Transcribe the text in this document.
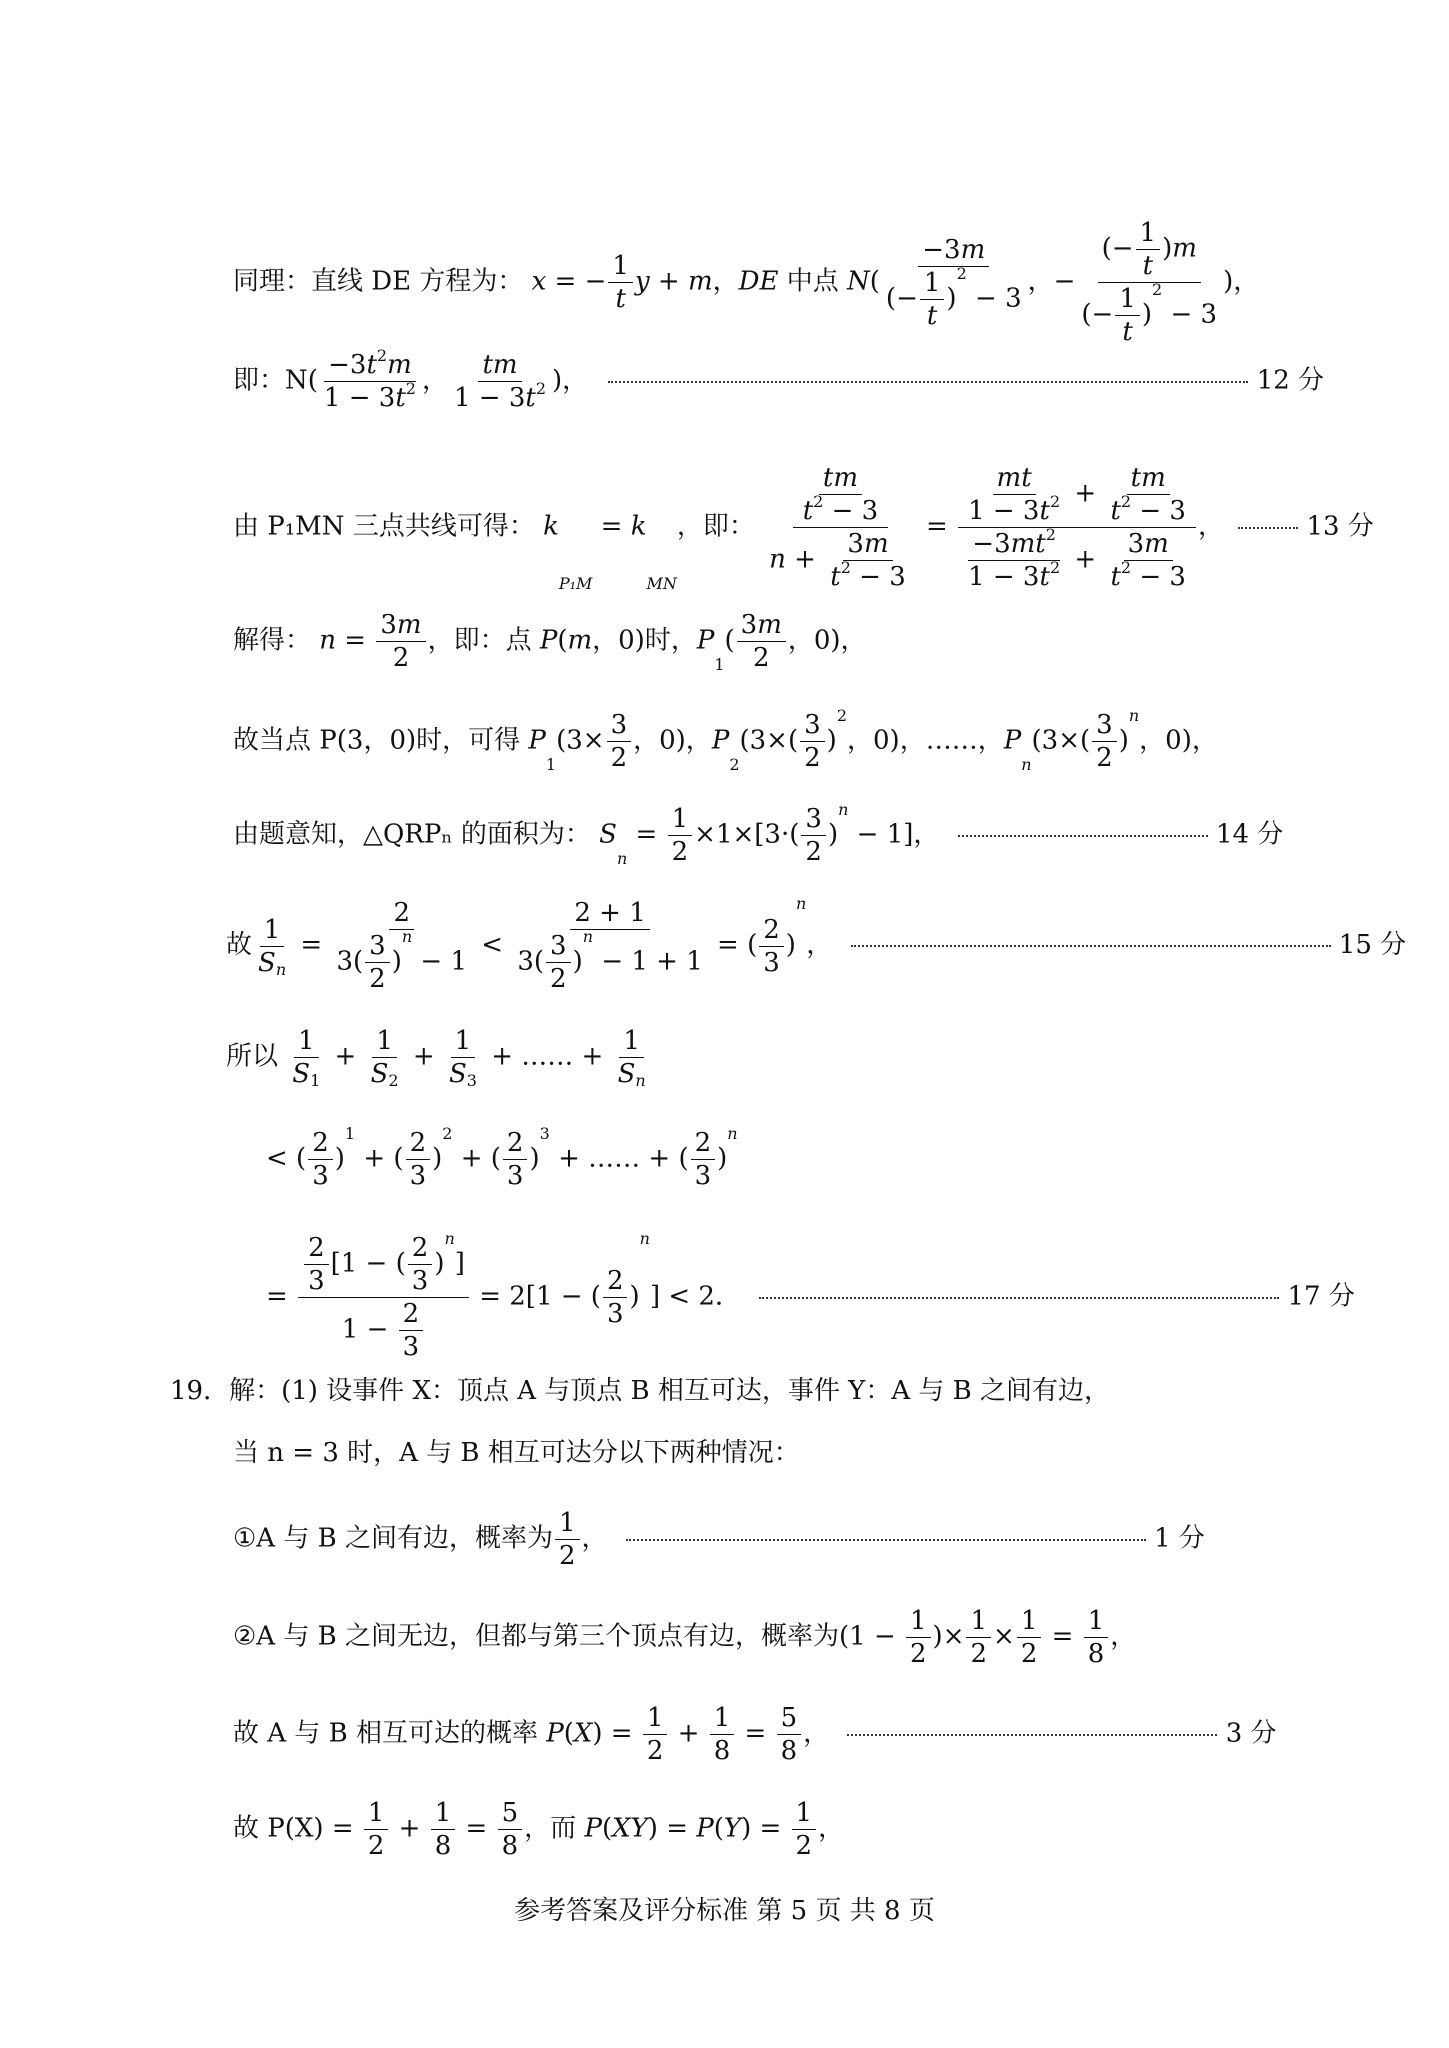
同理：直线 DE 方程为： x = − $\frac{1}{t}$ y + m，DE 中点 $N( \frac{-3m}{(- \frac{1}{t} )^2 - 3}$ ，− $\frac{(- \frac{1}{t} )m}{(- \frac{1}{t} )^2 - 3}$ )，
即：$N( \frac{-3t^2m}{1 - 3t^2}$ ， $\frac{tm}{1 - 3t^2}$ )，	12 分
由 P₁MN 三点共线可得： $k_{P_1M} = k_{MN}$，即：
$\frac{tm}{t^2 - 3}$
$n + \frac{3m}{t^2 - 3}$
=
$\frac{mt}{1 - 3t^2} + \frac{tm}{t^2 - 3}$
$\frac{-3mt^2}{1 - 3t^2} + \frac{3m}{t^2 - 3}$
，	13 分
解得： $n = \frac{3m}{2}$ ，即：点 P(m，0)时，$P_1( \frac{3m}{2}$ ，0)，
故当点 P(3，0)时，可得 $P_1(3\times \frac{3}{2}$ ，0)，$P_2(3\times( \frac{3}{2} )^2$，0)，……，$P_n(3\times( \frac{3}{2} )^n$，0)，
由题意知，△QRPₙ 的面积为： $S_n = \frac{1}{2} \times 1\times[3\cdot( \frac{3}{2} )^n - 1]$，	14 分
故 $\frac{1}{S_n} = \frac{2}{3( \frac{3}{2} )^n - 1} < \frac{2 + 1}{3( \frac{3}{2} )^n - 1 + 1}$ = ( $\frac{2}{3} )^n$，	15 分
所以 $\frac{1}{S_1} + \frac{1}{S_2} + \frac{1}{S_3}$ + …… + $\frac{1}{S_n}$
< ( $\frac{2}{3} )^1$ + ( $\frac{2}{3} )^2$ + ( $\frac{2}{3} )^3$ + …… + ( $\frac{2}{3} )^n$
= $\frac{\frac{2}{3} [1 - ( \frac{2}{3} )^n]}{1 - \frac{2}{3}} = 2[1$ − ( $\frac{2}{3} )^n] < 2$．	17 分
19．解：(1) 设事件 X：顶点 A 与顶点 B 相互可达，事件 Y：A 与 B 之间有边，
当 n = 3 时，A 与 B 相互可达分以下两种情况：
①A 与 B 之间有边，概率为 $\frac{1}{2}$ ，	1 分
②A 与 B 之间无边，但都与第三个顶点有边，概率为($1 - \frac{1}{2}$ )× $\frac{1}{2} \times \frac{1}{2} = \frac{1}{8}$ ，
故 A 与 B 相互可达的概率 $P(X) = \frac{1}{2} + \frac{1}{8} = \frac{5}{8}$ ，	3 分
故 $P(X) = \frac{1}{2} + \frac{1}{8} = \frac{5}{8}$ ，而 $P(XY) = P(Y) = \frac{1}{2}$ ，
参考答案及评分标准 第 5 页 共 8 页
